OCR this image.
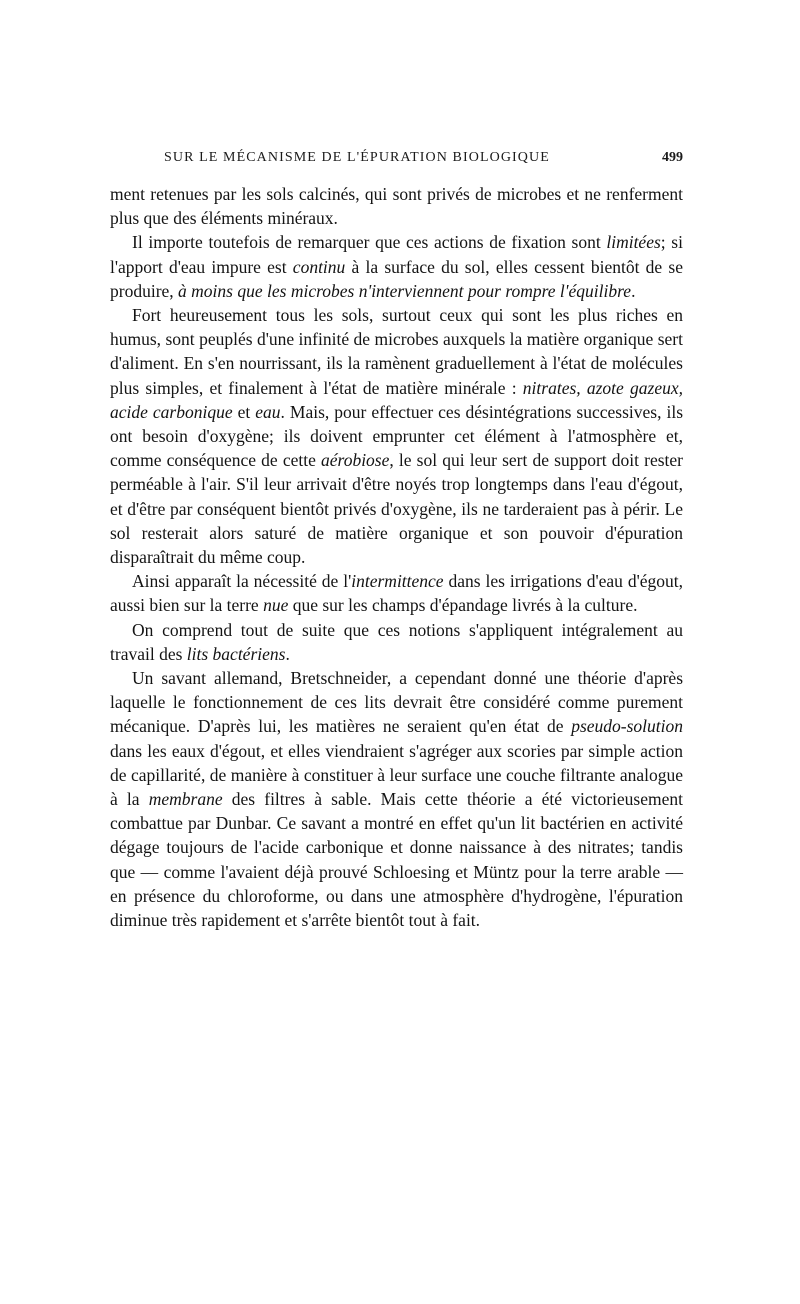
SUR LE MÉCANISME DE L'ÉPURATION BIOLOGIQUE	499

ment retenues par les sols calcinés, qui sont privés de microbes et ne renferment plus que des éléments minéraux.

Il importe toutefois de remarquer que ces actions de fixation sont limitées; si l'apport d'eau impure est continu à la surface du sol, elles cessent bientôt de se produire, à moins que les microbes n'interviennent pour rompre l'équilibre.

Fort heureusement tous les sols, surtout ceux qui sont les plus riches en humus, sont peuplés d'une infinité de microbes auxquels la matière organique sert d'aliment. En s'en nourrissant, ils la ramènent graduellement à l'état de molécules plus simples, et finalement à l'état de matière minérale : nitrates, azote gazeux, acide carbonique et eau. Mais, pour effectuer ces désintégrations successives, ils ont besoin d'oxygène; ils doivent emprunter cet élément à l'atmosphère et, comme conséquence de cette aérobiose, le sol qui leur sert de support doit rester perméable à l'air. S'il leur arrivait d'être noyés trop longtemps dans l'eau d'égout, et d'être par conséquent bientôt privés d'oxygène, ils ne tarderaient pas à périr. Le sol resterait alors saturé de matière organique et son pouvoir d'épuration disparaîtrait du même coup.

Ainsi apparaît la nécessité de l'intermittence dans les irrigations d'eau d'égout, aussi bien sur la terre nue que sur les champs d'épandage livrés à la culture.

On comprend tout de suite que ces notions s'appliquent intégralement au travail des lits bactériens.

Un savant allemand, Bretschneider, a cependant donné une théorie d'après laquelle le fonctionnement de ces lits devrait être considéré comme purement mécanique. D'après lui, les matières ne seraient qu'en état de pseudo-solution dans les eaux d'égout, et elles viendraient s'agréger aux scories par simple action de capillarité, de manière à constituer à leur surface une couche filtrante analogue à la membrane des filtres à sable. Mais cette théorie a été victorieusement combattue par Dunbar. Ce savant a montré en effet qu'un lit bactérien en activité dégage toujours de l'acide carbonique et donne naissance à des nitrates; tandis que — comme l'avaient déjà prouvé Schloesing et Müntz pour la terre arable — en présence du chloroforme, ou dans une atmosphère d'hydrogène, l'épuration diminue très rapidement et s'arrête bientôt tout à fait.
